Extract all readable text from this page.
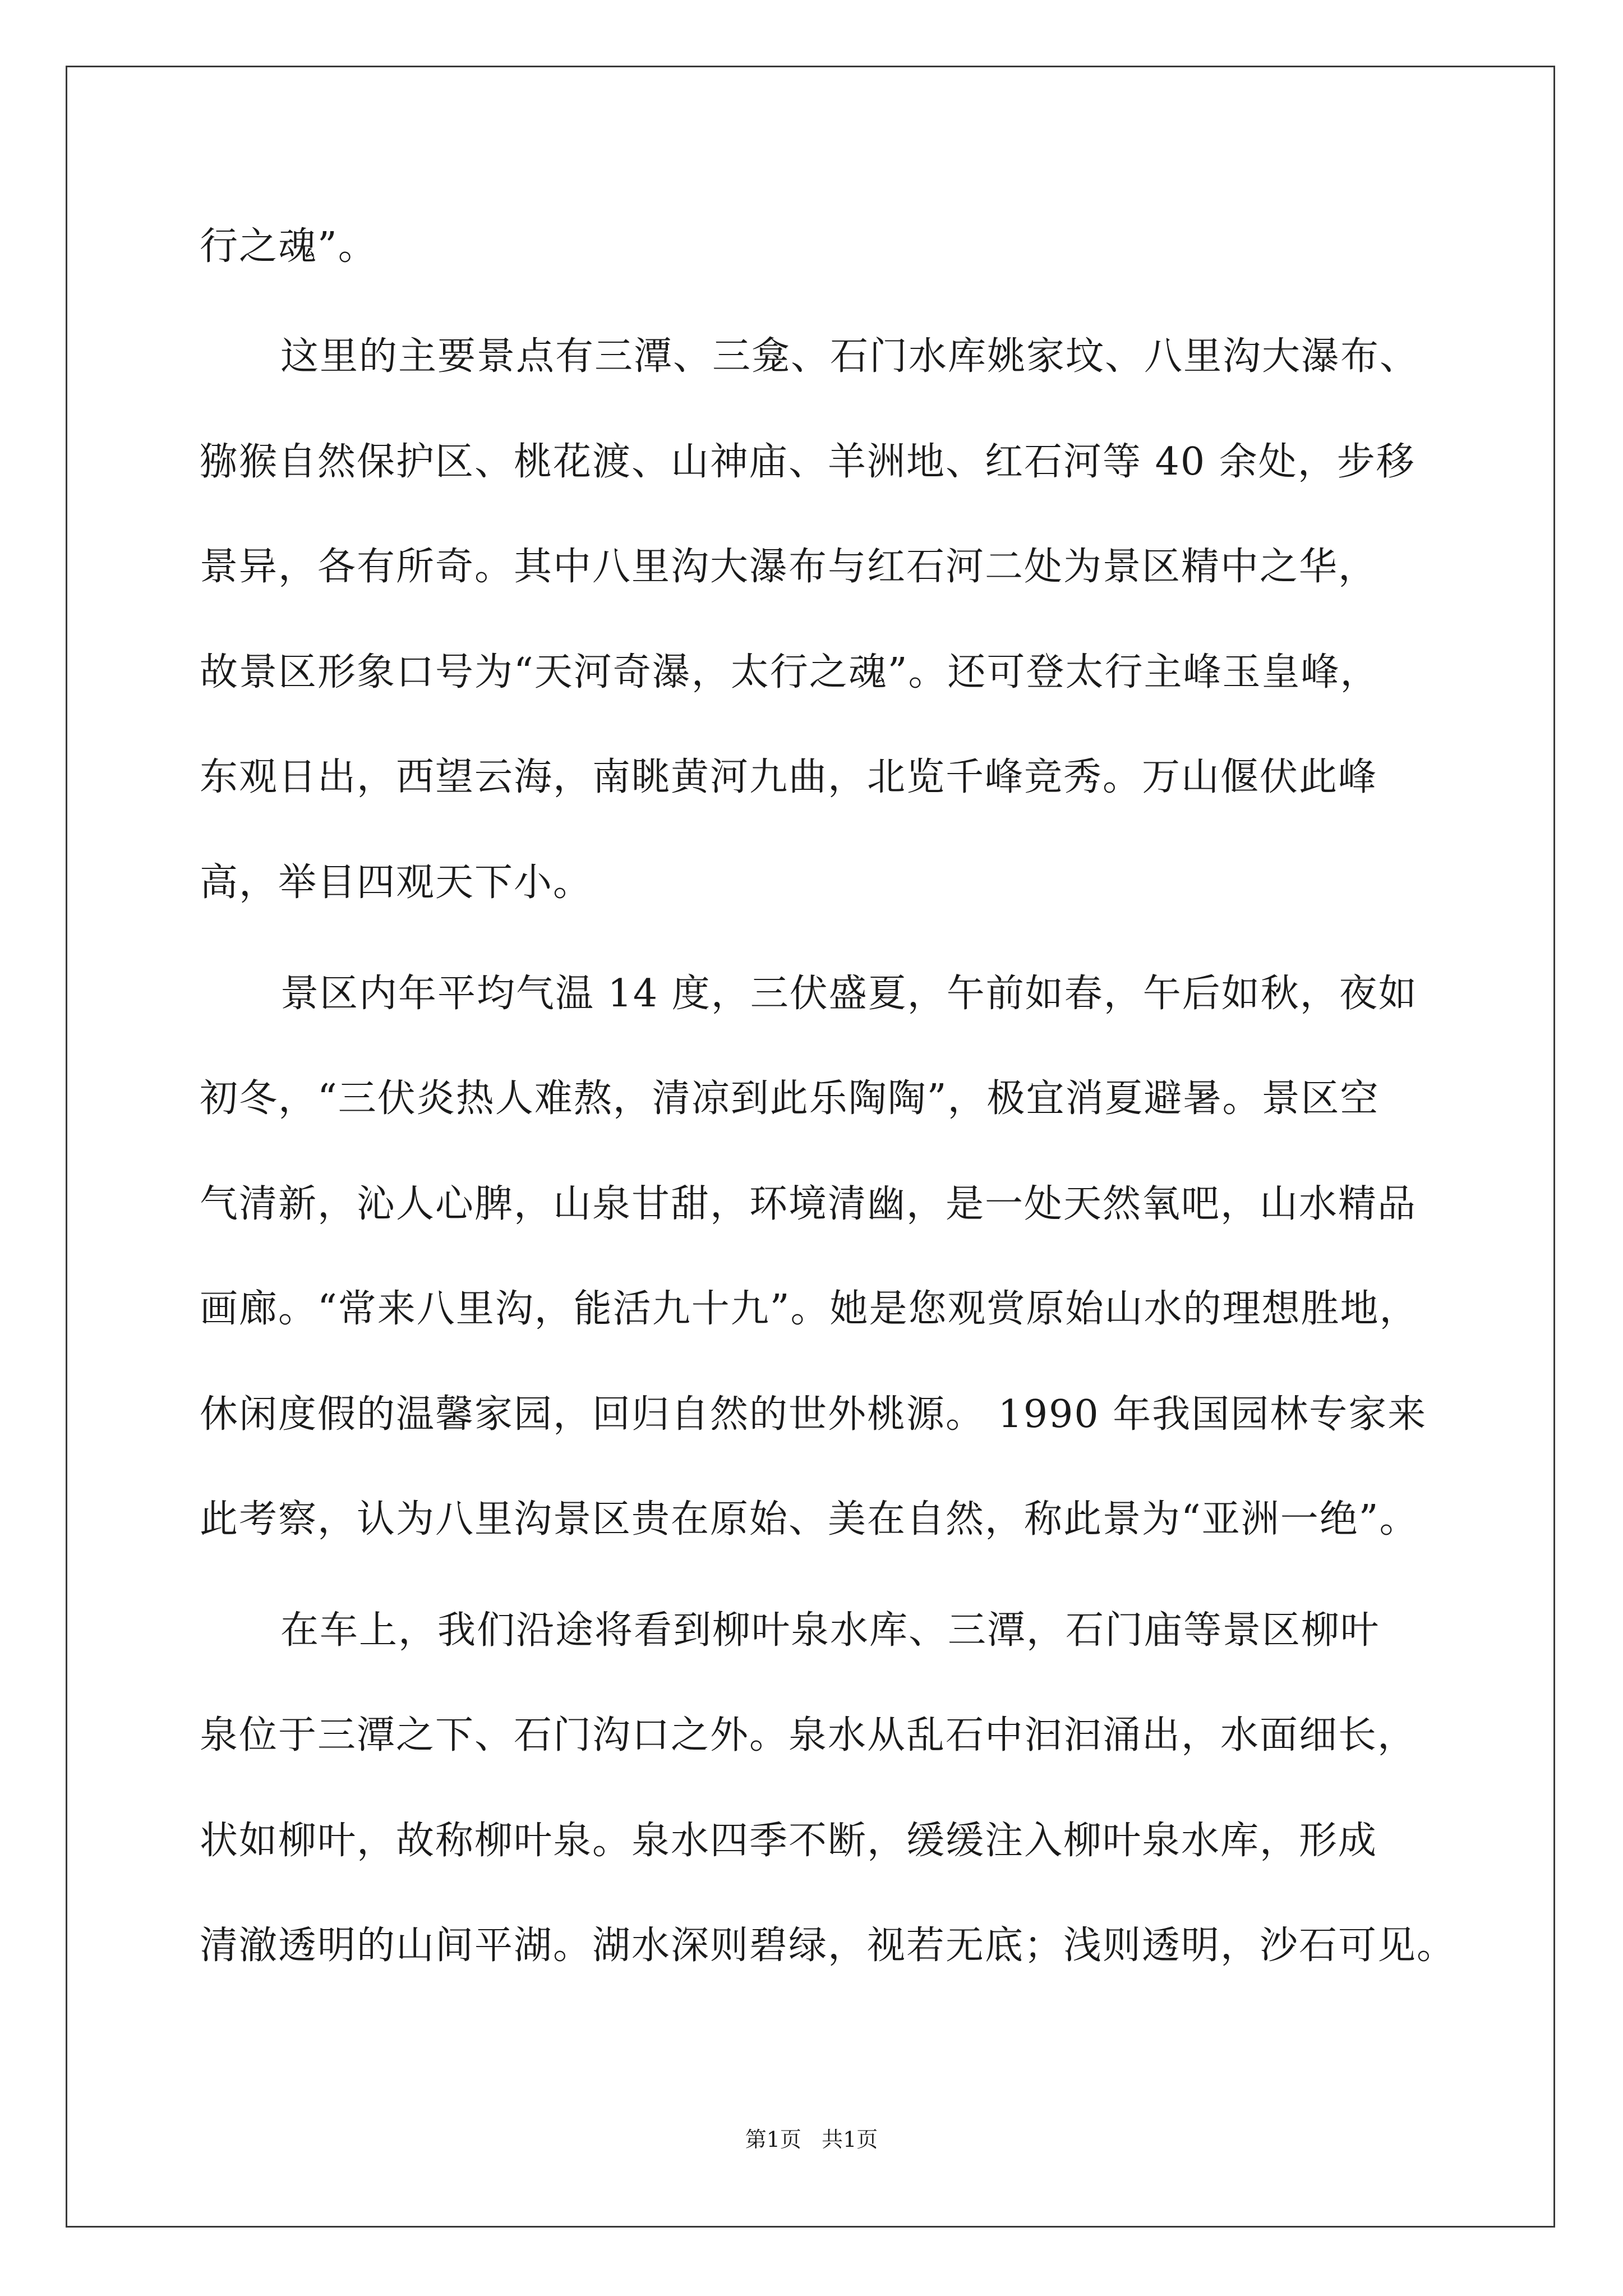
行之魂”。
这里的主要景点有三潭、三龛、石门水库姚家坟、八里沟大瀑布、
猕猴自然保护区、桃花渡、山神庙、羊洲地、红石河等 40 余处，步移
景异，各有所奇。其中八里沟大瀑布与红石河二处为景区精中之华，
故景区形象口号为“天河奇瀑，太行之魂”。还可登太行主峰玉皇峰，
东观日出，西望云海，南眺黄河九曲，北览千峰竞秀。万山偃伏此峰
高，举目四观天下小。
景区内年平均气温 14 度，三伏盛夏，午前如春，午后如秋，夜如
初冬，“三伏炎热人难熬，清凉到此乐陶陶”，极宜消夏避暑。景区空
气清新，沁人心脾，山泉甘甜，环境清幽，是一处天然氧吧，山水精品
画廊。“常来八里沟，能活九十九”。她是您观赏原始山水的理想胜地，
休闲度假的温馨家园，回归自然的世外桃源。 1990 年我国园林专家来
此考察，认为八里沟景区贵在原始、美在自然，称此景为“亚洲一绝”。
在车上，我们沿途将看到柳叶泉水库、三潭，石门庙等景区柳叶
泉位于三潭之下、石门沟口之外。泉水从乱石中汩汩涌出，水面细长，
状如柳叶，故称柳叶泉。泉水四季不断，缓缓注入柳叶泉水库，形成
清澈透明的山间平湖。湖水深则碧绿，视若无底；浅则透明，沙石可见。
第1页   共1页
